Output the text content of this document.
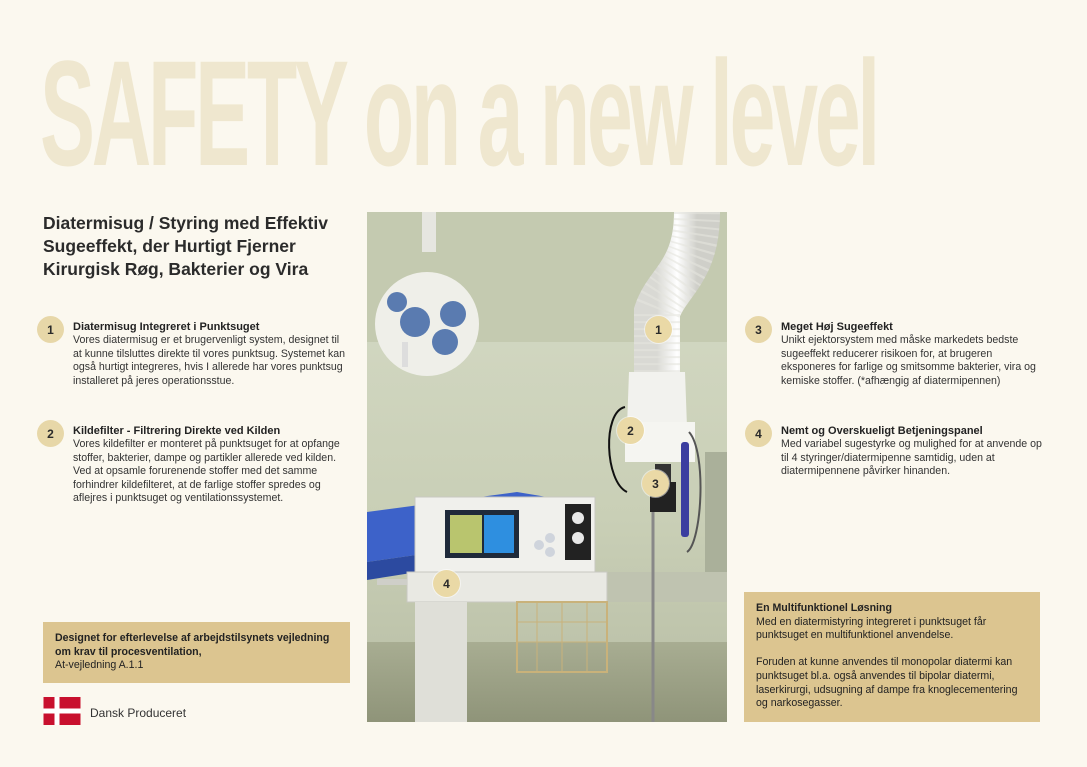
SAFETY on a new level
Diatermisug / Styring med Effektiv Sugeeffekt, der Hurtigt Fjerner Kirurgisk Røg, Bakterier og Vira
1	Diatermisug Integreret i Punktsuget
Vores diatermisug er et brugervenligt system, designet til at kunne tilsluttes direkte til vores punktsug. Systemet kan også hurtigt integreres, hvis I allerede har vores punktsug installeret på jeres operationsstue.
2	Kildefilter - Filtrering Direkte ved Kilden
Vores kildefilter er monteret på punktsuget for at opfange stoffer, bakterier, dampe og partikler allerede ved kilden. Ved at opsamle forurenende stoffer med det samme forhindrer kildefilteret, at de farlige stoffer spredes og aflejres i punktsuget og ventilationssystemet.
1
2
3
4
3	Meget Høj Sugeeffekt
Unikt ejektorsystem med måske markedets bedste sugeeffekt reducerer risikoen for, at brugeren eksponeres for farlige og smitsomme bakterier, vira og kemiske stoffer. (*afhængig af diatermipennen)
4	Nemt og Overskueligt Betjeningspanel
Med variabel sugestyrke og mulighed for at anvende op til 4 styringer/diatermipenne samtidig, uden at diatermipennene påvirker hinanden.
Designet for efterlevelse af arbejdstilsynets vejledning om krav til procesventilation,
At-vejledning A.1.1
En Multifunktionel Løsning
Med en diatermistyring integreret i punktsuget får punktsuget en multifunktionel anvendelse.

Foruden at kunne anvendes til monopolar diatermi kan punktsuget bl.a. også anvendes til bipolar diatermi, laserkirurgi, udsugning af dampe fra knoglecementering og narkosegasser.
Dansk Produceret
